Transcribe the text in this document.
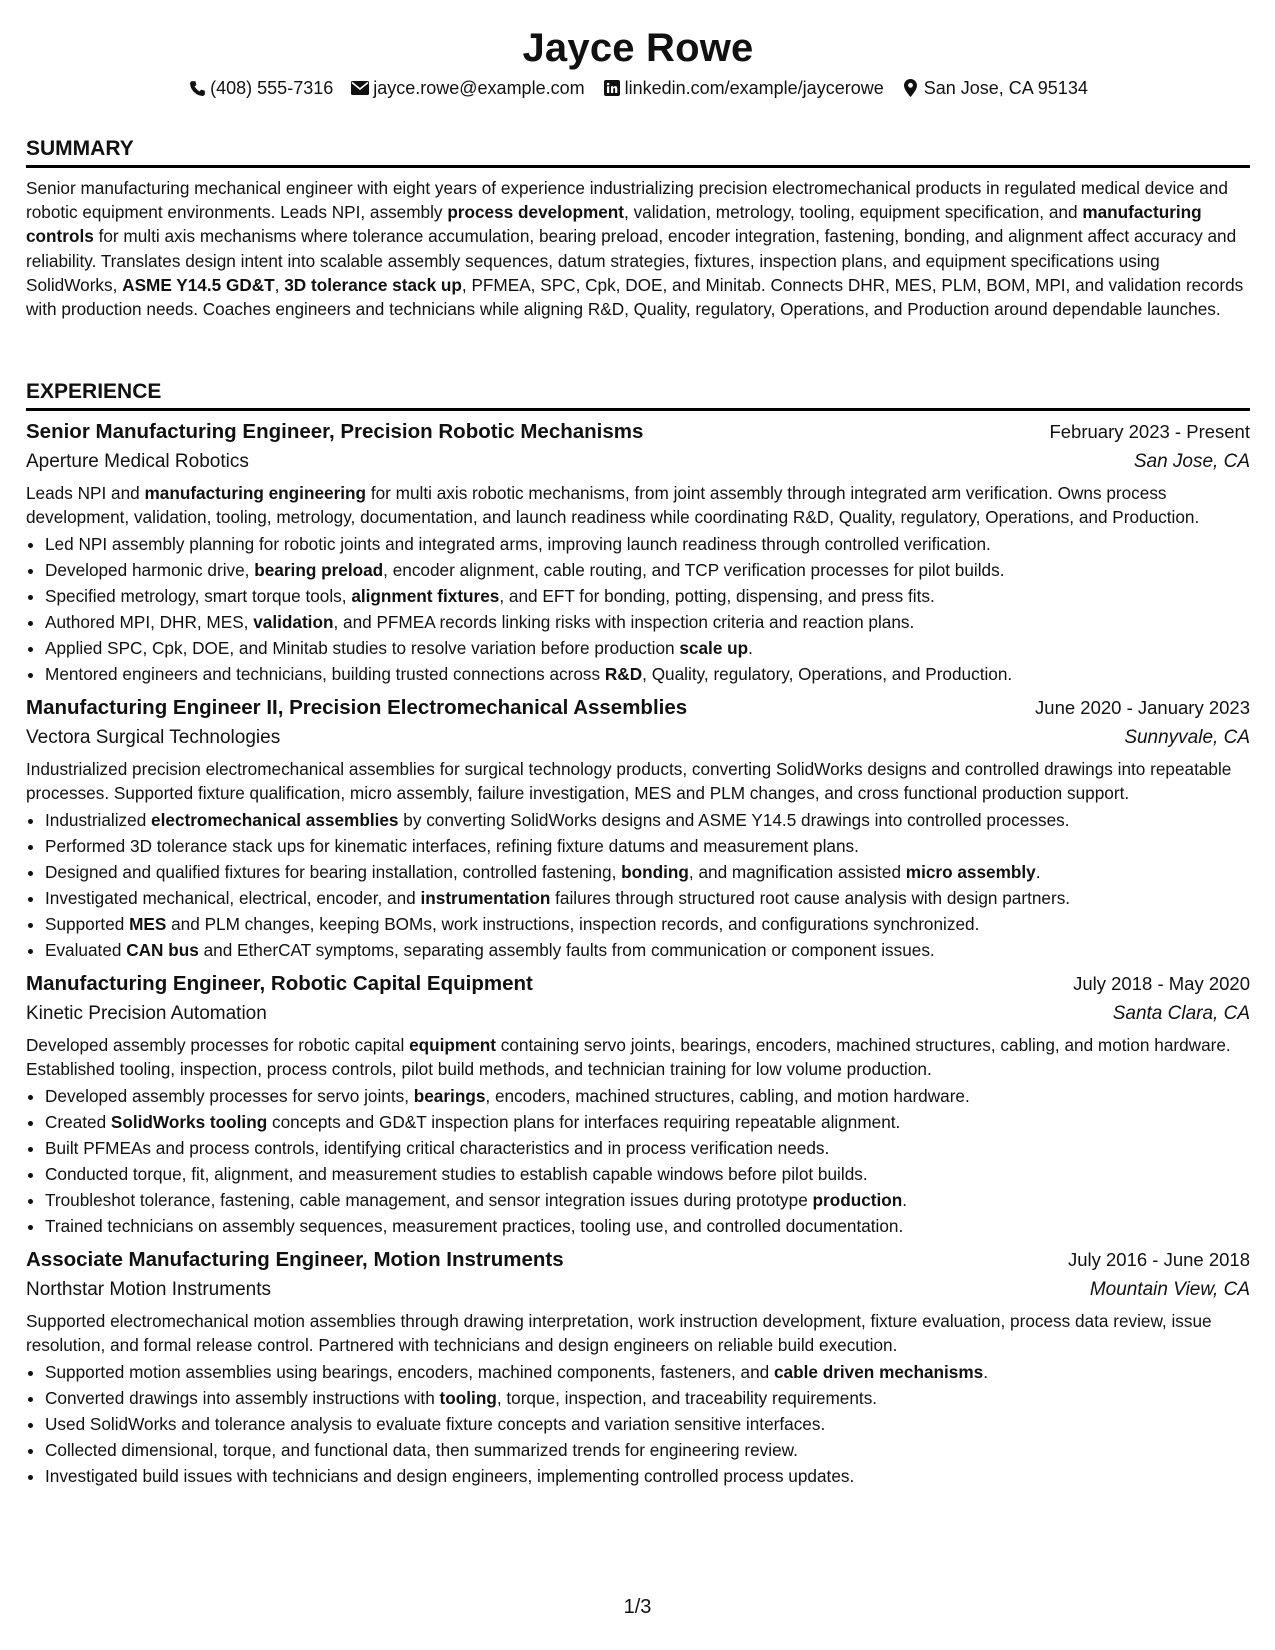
Jayce Rowe
(408) 555-7316 jayce.rowe@example.com linkedin.com/example/jaycerowe San Jose, CA 95134
SUMMARY

Senior manufacturing mechanical engineer with eight years of experience industrializing precision electromechanical products in regulated medical device and robotic equipment environments. Leads NPI, assembly process development, validation, metrology, tooling, equipment specification, and manufacturing controls for multi axis mechanisms where tolerance accumulation, bearing preload, encoder integration, fastening, bonding, and alignment affect accuracy and reliability. Translates design intent into scalable assembly sequences, datum strategies, fixtures, inspection plans, and equipment specifications using SolidWorks, ASME Y14.5 GD&T, 3D tolerance stack up, PFMEA, SPC, Cpk, DOE, and Minitab. Connects DHR, MES, PLM, BOM, MPI, and validation records with production needs. Coaches engineers and technicians while aligning R&D, Quality, regulatory, Operations, and Production around dependable launches.

EXPERIENCE
Senior Manufacturing Engineer, Precision Robotic Mechanisms	February 2023 - Present
Aperture Medical Robotics	San Jose, CA

Leads NPI and manufacturing engineering for multi axis robotic mechanisms, from joint assembly through integrated arm verification. Owns process development, validation, tooling, metrology, documentation, and launch readiness while coordinating R&D, Quality, regulatory, Operations, and Production.

• Led NPI assembly planning for robotic joints and integrated arms, improving launch readiness through controlled verification.
• Developed harmonic drive, bearing preload, encoder alignment, cable routing, and TCP verification processes for pilot builds.
• Specified metrology, smart torque tools, alignment fixtures, and EFT for bonding, potting, dispensing, and press fits.
• Authored MPI, DHR, MES, validation, and PFMEA records linking risks with inspection criteria and reaction plans.
• Applied SPC, Cpk, DOE, and Minitab studies to resolve variation before production scale up.
• Mentored engineers and technicians, building trusted connections across R&D, Quality, regulatory, Operations, and Production.
Manufacturing Engineer II, Precision Electromechanical Assemblies	June 2020 - January 2023
Vectora Surgical Technologies	Sunnyvale, CA

Industrialized precision electromechanical assemblies for surgical technology products, converting SolidWorks designs and controlled drawings into repeatable processes. Supported fixture qualification, micro assembly, failure investigation, MES and PLM changes, and cross functional production support.

• Industrialized electromechanical assemblies by converting SolidWorks designs and ASME Y14.5 drawings into controlled processes.
• Performed 3D tolerance stack ups for kinematic interfaces, refining fixture datums and measurement plans.
• Designed and qualified fixtures for bearing installation, controlled fastening, bonding, and magnification assisted micro assembly.
• Investigated mechanical, electrical, encoder, and instrumentation failures through structured root cause analysis with design partners.
• Supported MES and PLM changes, keeping BOMs, work instructions, inspection records, and configurations synchronized.
• Evaluated CAN bus and EtherCAT symptoms, separating assembly faults from communication or component issues.
Manufacturing Engineer, Robotic Capital Equipment	July 2018 - May 2020
Kinetic Precision Automation	Santa Clara, CA

Developed assembly processes for robotic capital equipment containing servo joints, bearings, encoders, machined structures, cabling, and motion hardware. Established tooling, inspection, process controls, pilot build methods, and technician training for low volume production.

• Developed assembly processes for servo joints, bearings, encoders, machined structures, cabling, and motion hardware.
• Created SolidWorks tooling concepts and GD&T inspection plans for interfaces requiring repeatable alignment.
• Built PFMEAs and process controls, identifying critical characteristics and in process verification needs.
• Conducted torque, fit, alignment, and measurement studies to establish capable windows before pilot builds.
• Troubleshot tolerance, fastening, cable management, and sensor integration issues during prototype production.
• Trained technicians on assembly sequences, measurement practices, tooling use, and controlled documentation.
Associate Manufacturing Engineer, Motion Instruments	July 2016 - June 2018
Northstar Motion Instruments	Mountain View, CA

Supported electromechanical motion assemblies through drawing interpretation, work instruction development, fixture evaluation, process data review, issue resolution, and formal release control. Partnered with technicians and design engineers on reliable build execution.

• Supported motion assemblies using bearings, encoders, machined components, fasteners, and cable driven mechanisms.
• Converted drawings into assembly instructions with tooling, torque, inspection, and traceability requirements.
• Used SolidWorks and tolerance analysis to evaluate fixture concepts and variation sensitive interfaces.
• Collected dimensional, torque, and functional data, then summarized trends for engineering review.
• Investigated build issues with technicians and design engineers, implementing controlled process updates.
1/3
